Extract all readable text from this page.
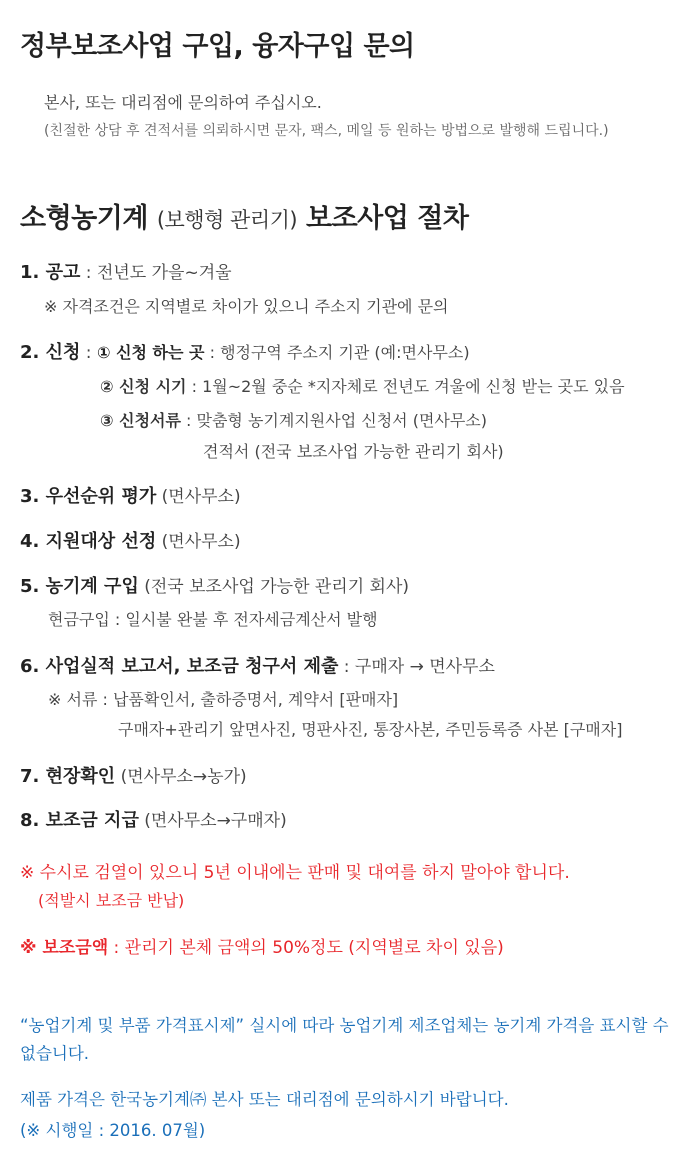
정부보조사업 구입, 융자구입 문의
본사, 또는 대리점에 문의하여 주십시오.
(친절한 상담 후 견적서를 의뢰하시면 문자, 팩스, 메일 등 원하는 방법으로 발행해 드립니다.)
소형농기계 (보행형 관리기) 보조사업 절차
1. 공고 : 전년도 가을~겨울
※ 자격조건은 지역별로 차이가 있으니 주소지 기관에 문의
2. 신청 : ① 신청 하는 곳 : 행정구역 주소지 기관 (예:면사무소)
② 신청 시기 : 1월~2월 중순 *지자체로 전년도 겨울에 신청 받는 곳도 있음
③ 신청서류 : 맞춤형 농기계지원사업 신청서 (면사무소)
견적서 (전국 보조사업 가능한 관리기 회사)
3. 우선순위 평가 (면사무소)
4. 지원대상 선정 (면사무소)
5. 농기계 구입 (전국 보조사업 가능한 관리기 회사)
현금구입 : 일시불 완불 후 전자세금계산서 발행
6. 사업실적 보고서, 보조금 청구서 제출 : 구매자 → 면사무소
※ 서류 : 납품확인서, 출하증명서, 계약서 [판매자]
구매자+관리기 앞면사진, 명판사진, 통장사본, 주민등록증 사본 [구매자]
7. 현장확인 (면사무소→농가)
8. 보조금 지급 (면사무소→구매자)
※ 수시로 검열이 있으니 5년 이내에는 판매 및 대여를 하지 말아야 합니다.
(적발시 보조금 반납)
※ 보조금액 : 관리기 본체 금액의 50%정도 (지역별로 차이 있음)
“농업기계 및 부품 가격표시제” 실시에 따라 농업기계 제조업체는 농기계 가격을 표시할 수 없습니다.
제품 가격은 한국농기계㈜ 본사 또는 대리점에 문의하시기 바랍니다.
(※ 시행일 : 2016. 07월)
